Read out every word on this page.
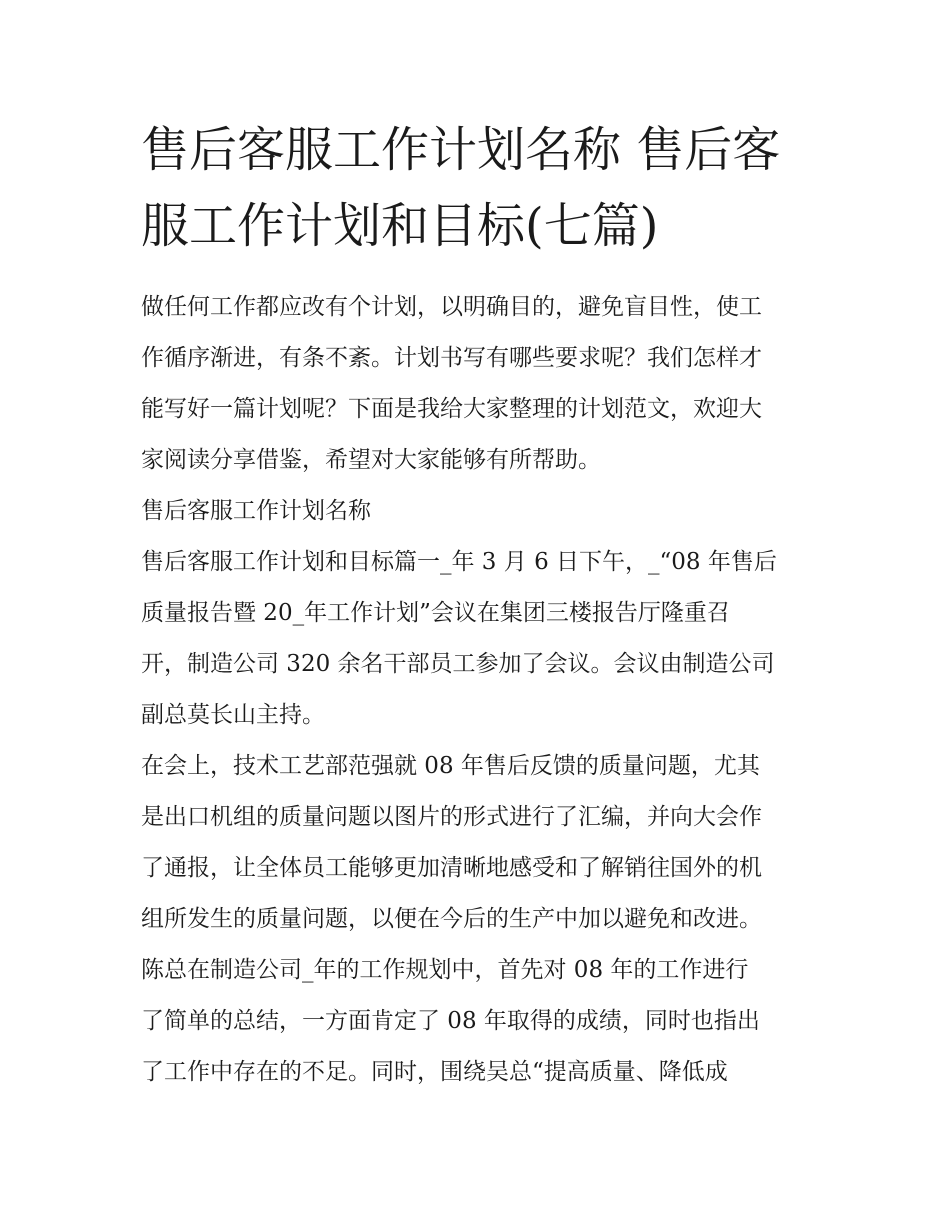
售后客服工作计划名称 售后客
服工作计划和目标(七篇)
做任何工作都应改有个计划，以明确目的，避免盲目性，使工
作循序渐进，有条不紊。计划书写有哪些要求呢？我们怎样才
能写好一篇计划呢？下面是我给大家整理的计划范文，欢迎大
家阅读分享借鉴，希望对大家能够有所帮助。
售后客服工作计划名称
售后客服工作计划和目标篇一_年 3 月 6 日下午，_“08 年售后
质量报告暨 20_年工作计划”会议在集团三楼报告厅隆重召
开，制造公司 320 余名干部员工参加了会议。会议由制造公司
副总莫长山主持。
在会上，技术工艺部范强就 08 年售后反馈的质量问题，尤其
是出口机组的质量问题以图片的形式进行了汇编，并向大会作
了通报，让全体员工能够更加清晰地感受和了解销往国外的机
组所发生的质量问题，以便在今后的生产中加以避免和改进。
陈总在制造公司_年的工作规划中，首先对 08 年的工作进行
了简单的总结，一方面肯定了 08 年取得的成绩，同时也指出
了工作中存在的不足。同时，围绕吴总“提高质量、降低成
